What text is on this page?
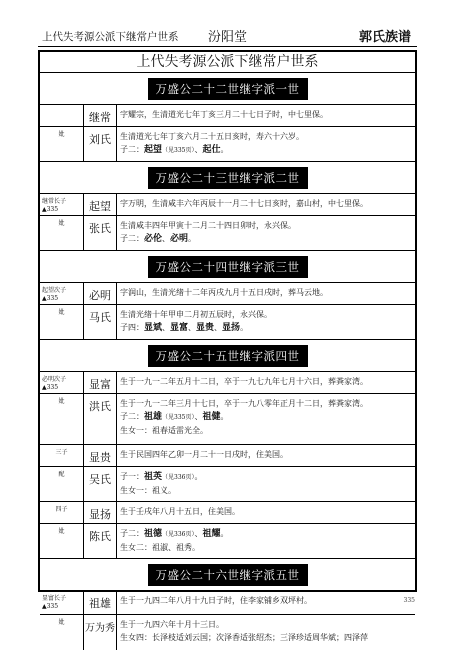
上代失考源公派下继常户世系	汾阳堂	郭氏族谱
上代失考源公派下继常户世系
万盛公二十二世继字派一世
继常	字耀宗，生清道光七年丁亥三月二十七日子时，中七里保。
妣	刘氏	生清道光七年丁亥六月二十五日亥时，寿六十六岁。
子二：起望（见335页）、起仕。
万盛公二十三世继字派二世
继常长子
▲335	起望	字万明，生清咸丰六年丙辰十一月二十七日亥时，嘉山村，中七里保。
妣	张氏	生清咸丰四年甲寅十二月二十四日卯时，永兴保。
子二：必伦、必明。
万盛公二十四世继字派三世
起望次子
▲335	必明	字润山，生清光绪十二年丙戌九月十五日戌时，葬马云地。
妣	马氏	生清光绪十年甲申二月初五辰时，永兴保。
子四：显斌、显富、显贵、显扬。
万盛公二十五世继字派四世
必明次子
▲335	显富	生于一九一二年五月十二日，卒于一九七九年七月十六日，葬粪家湾。
妣	洪氏	生于一九一二年三月十七日，卒于一九八零年正月十二日，葬粪家湾。
子二：祖雄（见335页）、祖健。
生女一：祖春适雷光全。
三子	显贵	生于民国四年乙卯一月二十一日戌时，住美国。
配	吴氏	子一：祖英（见336页）。
生女一：祖义。
四子	显扬	生于壬戌年八月十五日，住美国。
妣	陈氏	子二：祖德（见336页）、祖耀。
生女二：祖淑、祖秀。
万盛公二十六世继字派五世
显富长子
▲335	祖雄	生于一九四二年八月十九日子时，住李家铺乡双坪村。
妣
万为秀 生于一九四六年十月十三日。
生女四：长泽枝适刘云国；次泽香适张绍杰；三泽珍适周华斌；四泽萍
335
